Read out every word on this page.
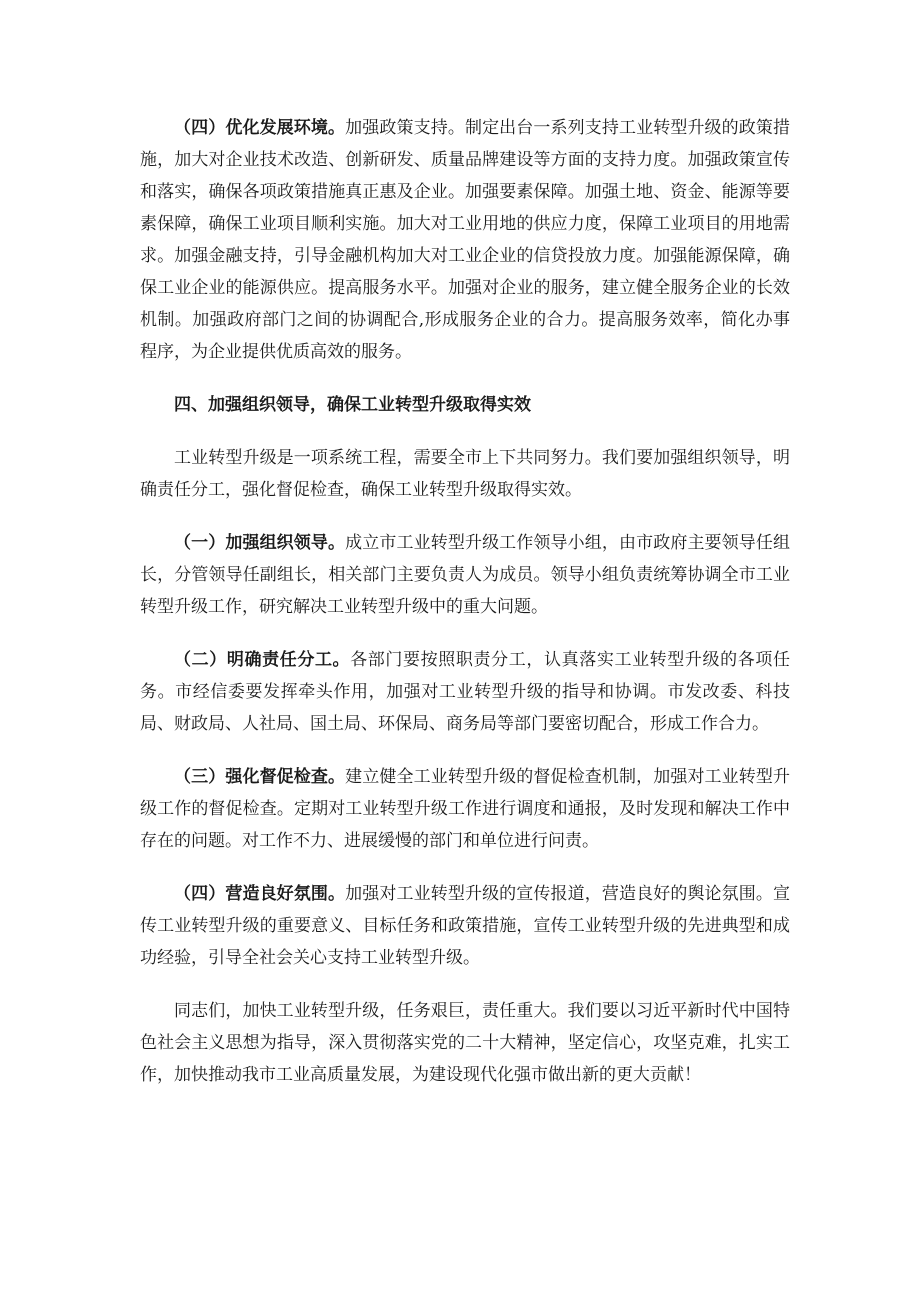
（四）优化发展环境。加强政策支持。制定出台一系列支持工业转型升级的政策措施，加大对企业技术改造、创新研发、质量品牌建设等方面的支持力度。加强政策宣传和落实，确保各项政策措施真正惠及企业。加强要素保障。加强土地、资金、能源等要素保障，确保工业项目顺利实施。加大对工业用地的供应力度，保障工业项目的用地需求。加强金融支持，引导金融机构加大对工业企业的信贷投放力度。加强能源保障，确保工业企业的能源供应。提高服务水平。加强对企业的服务，建立健全服务企业的长效机制。加强政府部门之间的协调配合,形成服务企业的合力。提高服务效率，简化办事程序，为企业提供优质高效的服务。

四、加强组织领导，确保工业转型升级取得实效

工业转型升级是一项系统工程，需要全市上下共同努力。我们要加强组织领导，明确责任分工，强化督促检查，确保工业转型升级取得实效。

（一）加强组织领导。成立市工业转型升级工作领导小组，由市政府主要领导任组长，分管领导任副组长，相关部门主要负责人为成员。领导小组负责统筹协调全市工业转型升级工作，研究解决工业转型升级中的重大问题。

（二）明确责任分工。各部门要按照职责分工，认真落实工业转型升级的各项任务。市经信委要发挥牵头作用，加强对工业转型升级的指导和协调。市发改委、科技局、财政局、人社局、国土局、环保局、商务局等部门要密切配合，形成工作合力。

（三）强化督促检查。建立健全工业转型升级的督促检查机制，加强对工业转型升级工作的督促检查。定期对工业转型升级工作进行调度和通报，及时发现和解决工作中存在的问题。对工作不力、进展缓慢的部门和单位进行问责。

（四）营造良好氛围。加强对工业转型升级的宣传报道，营造良好的舆论氛围。宣传工业转型升级的重要意义、目标任务和政策措施，宣传工业转型升级的先进典型和成功经验，引导全社会关心支持工业转型升级。

同志们，加快工业转型升级，任务艰巨，责任重大。我们要以习近平新时代中国特色社会主义思想为指导，深入贯彻落实党的二十大精神，坚定信心，攻坚克难，扎实工作，加快推动我市工业高质量发展，为建设现代化强市做出新的更大贡献！
